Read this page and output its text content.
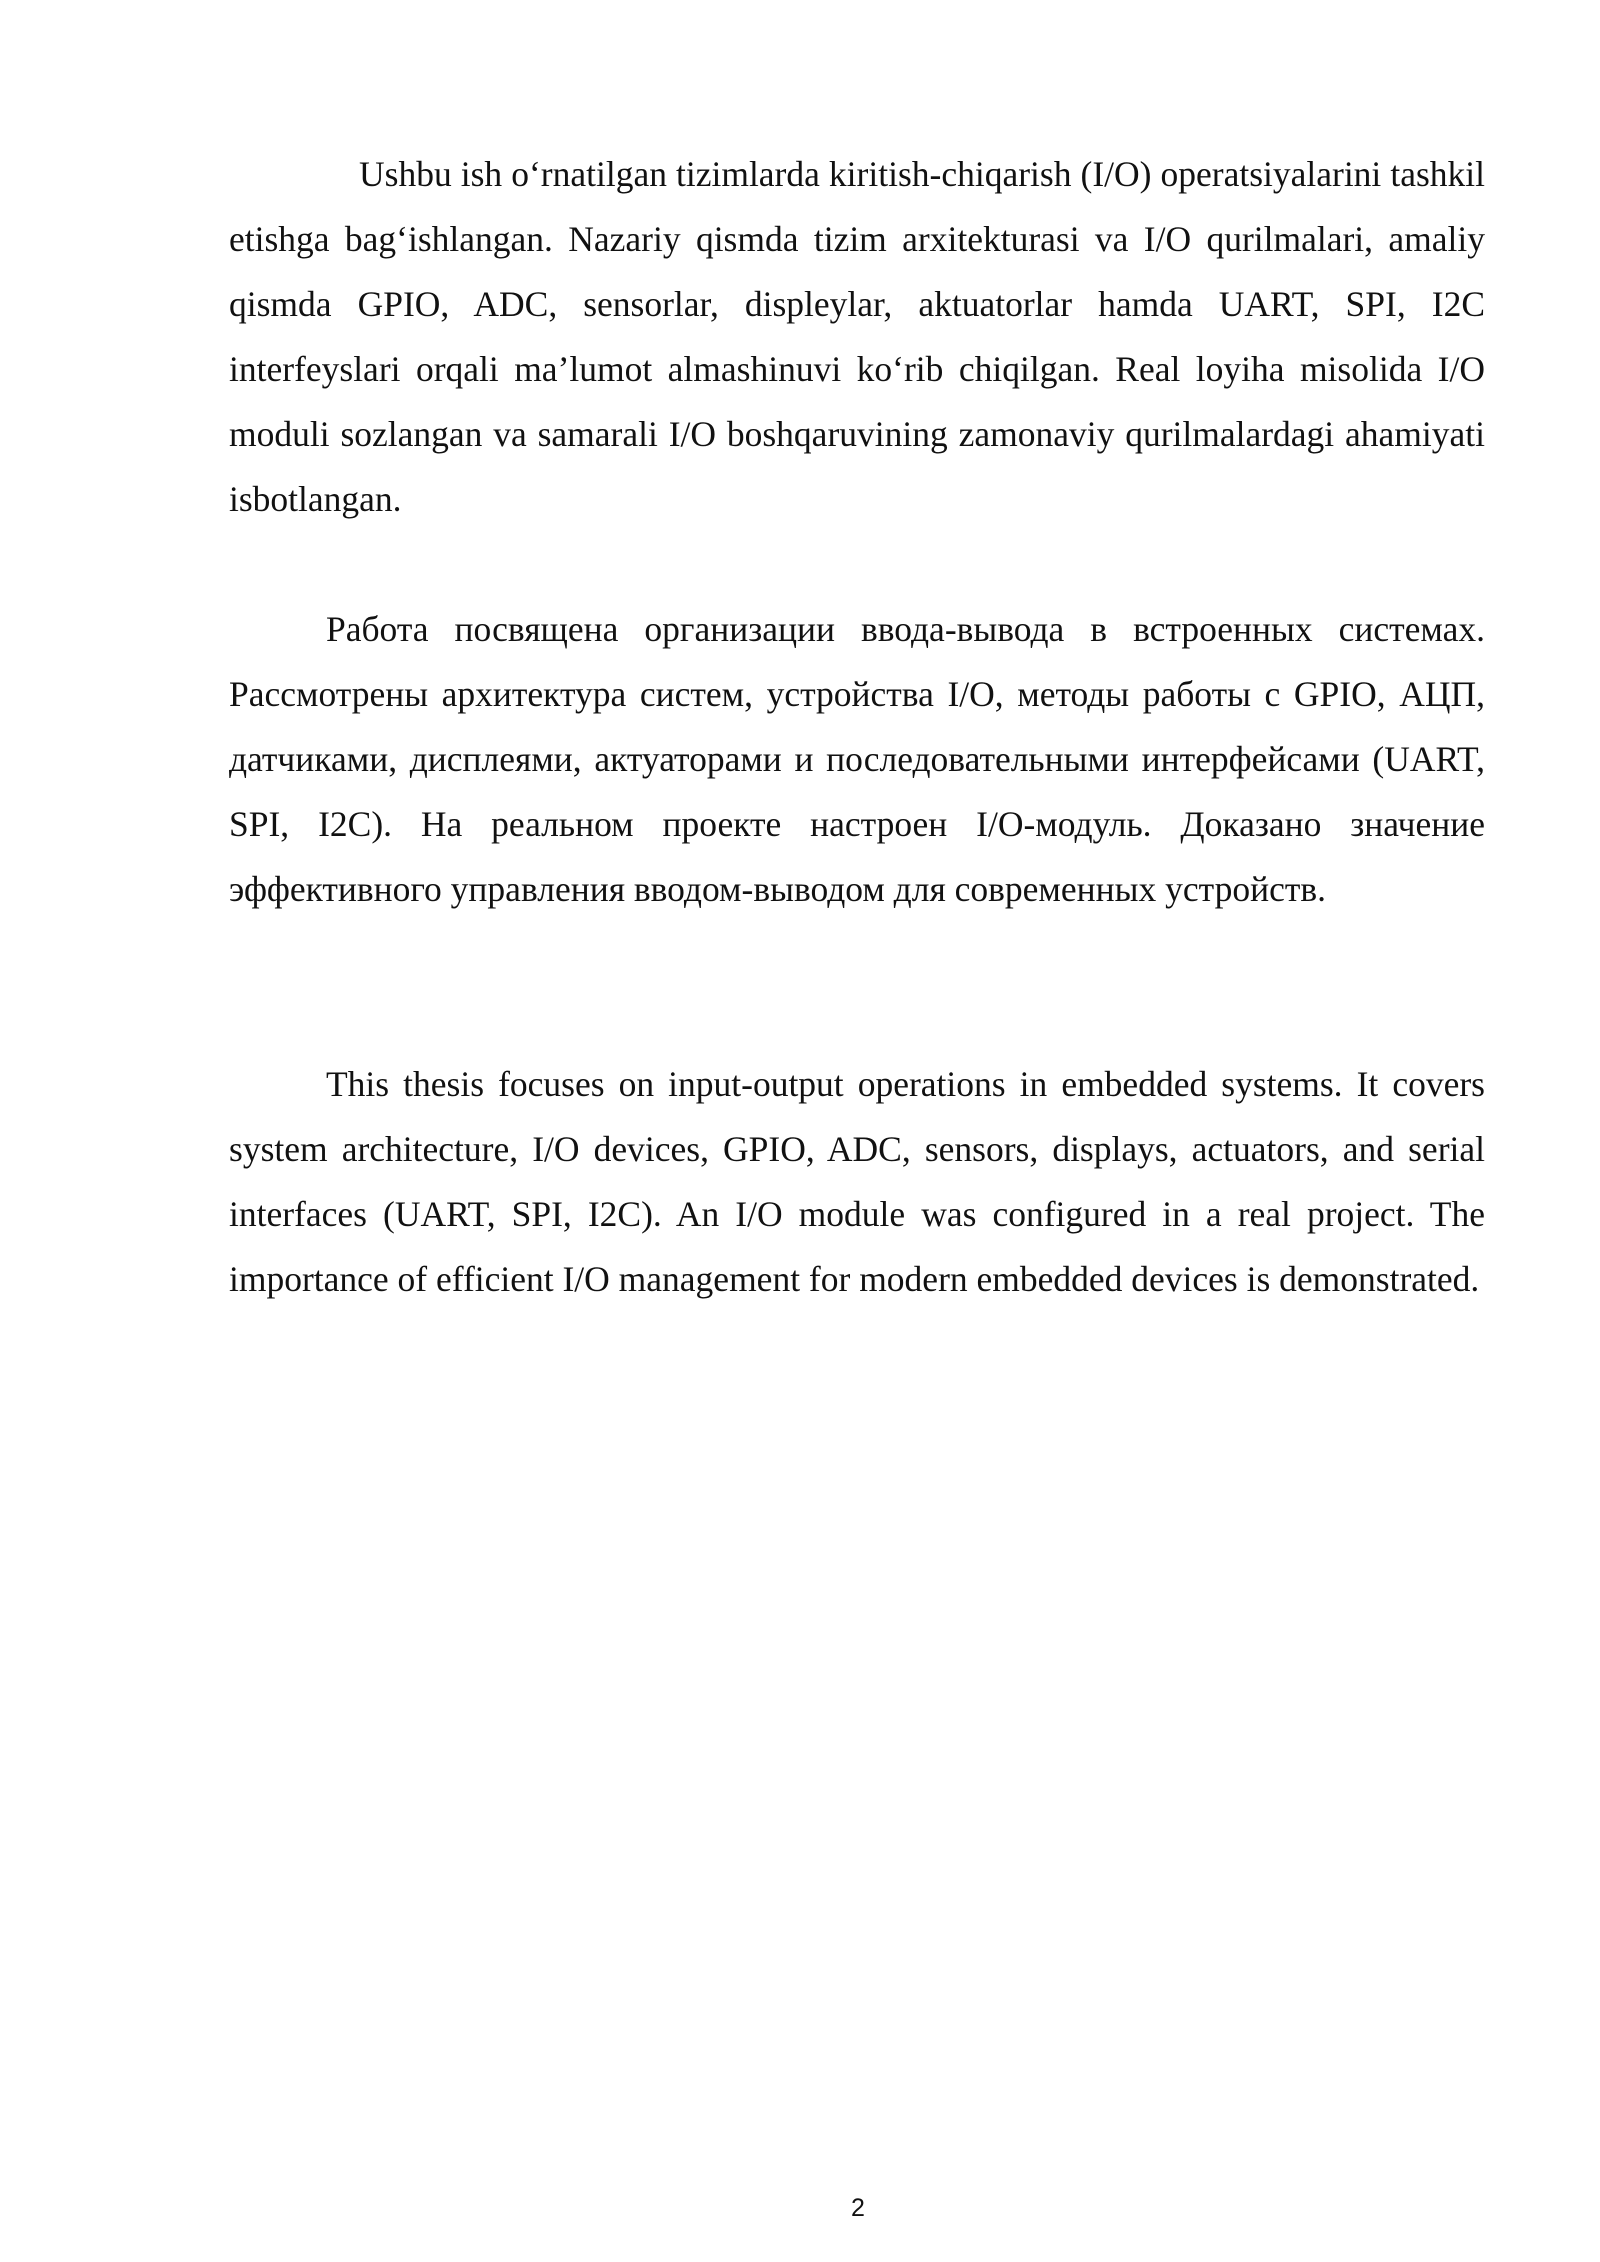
Ushbu ish o‘rnatilgan tizimlarda kiritish-chiqarish (I/O) operatsiyalarini tashkil etishga bag‘ishlangan. Nazariy qismda tizim arxitekturasi va I/O qurilmalari, amaliy qismda GPIO, ADC, sensorlar, displeylar, aktuatorlar hamda UART, SPI, I2C interfeyslari orqali ma’lumot almashinuvi ko‘rib chiqilgan. Real loyiha misolida I/O moduli sozlangan va samarali I/O boshqaruvining zamonaviy qurilmalardagi ahamiyati isbotlangan.

Работа посвящена организации ввода-вывода в встроенных системах. Рассмотрены архитектура систем, устройства I/O, методы работы с GPIO, АЦП, датчиками, дисплеями, актуаторами и последовательными интерфейсами (UART, SPI, I2C). На реальном проекте настроен I/O-модуль. Доказано значение эффективного управления вводом-выводом для современных устройств.

This thesis focuses on input-output operations in embedded systems. It covers system architecture, I/O devices, GPIO, ADC, sensors, displays, actuators, and serial interfaces (UART, SPI, I2C). An I/O module was configured in a real project. The importance of efficient I/O management for modern embedded devices is demonstrated.

2
